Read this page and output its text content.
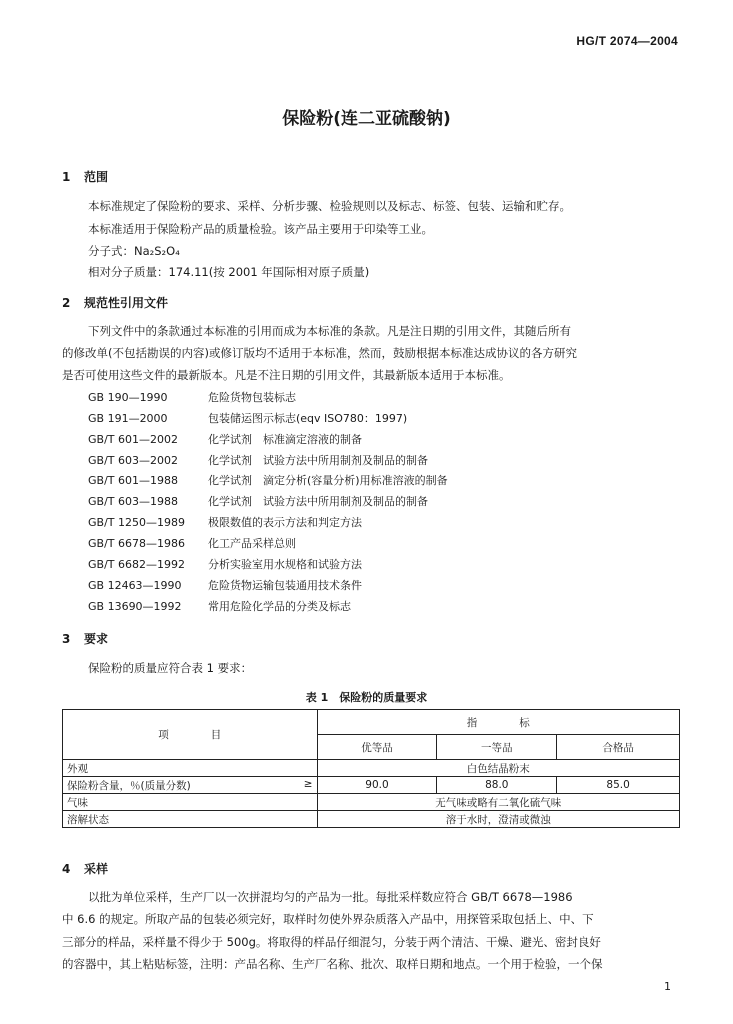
HG/T 2074—2004
保险粉(连二亚硫酸钠)
1 范围
本标准规定了保险粉的要求、采样、分析步骤、检验规则以及标志、标签、包装、运输和贮存。
本标准适用于保险粉产品的质量检验。该产品主要用于印染等工业。
分子式：Na₂S₂O₄
相对分子质量：174.11(按 2001 年国际相对原子质量)
2 规范性引用文件
下列文件中的条款通过本标准的引用而成为本标准的条款。凡是注日期的引用文件，其随后所有
的修改单(不包括勘误的内容)或修订版均不适用于本标准，然而，鼓励根据本标准达成协议的各方研究
是否可使用这些文件的最新版本。凡是不注日期的引用文件，其最新版本适用于本标准。
GB 190—1990	危险货物包装标志
GB 191—2000	包装储运图示标志(eqv ISO780：1997)
GB/T 601—2002	化学试剂　标准滴定溶液的制备
GB/T 603—2002	化学试剂　试验方法中所用制剂及制品的制备
GB/T 601—1988	化学试剂　滴定分析(容量分析)用标准溶液的制备
GB/T 603—1988	化学试剂　试验方法中所用制剂及制品的制备
GB/T 1250—1989 极限数值的表示方法和判定方法
GB/T 6678—1986 化工产品采样总则
GB/T 6682—1992 分析实验室用水规格和试验方法
GB 12463—1990 危险货物运输包装通用技术条件
GB 13690—1992 常用危险化学品的分类及标志
3 要求
保险粉的质量应符合表 1 要求：
表 1　保险粉的质量要求
项　　　　目	指　　　　标		
	优等品	一等品	合格品
外观	白色结晶粉末		
保险粉含量，％(质量分数) ≥	90.0	88.0	85.0
气味	无气味或略有二氧化硫气味		
溶解状态	溶于水时，澄清或微浊		
4 采样
以批为单位采样，生产厂以一次拼混均匀的产品为一批。每批采样数应符合 GB/T 6678—1986
中 6.6 的规定。所取产品的包装必须完好，取样时勿使外界杂质落入产品中，用探管采取包括上、中、下
三部分的样品，采样量不得少于 500g。将取得的样品仔细混匀，分装于两个清洁、干燥、避光、密封良好
的容器中，其上粘贴标签，注明：产品名称、生产厂名称、批次、取样日期和地点。一个用于检验，一个保
1
